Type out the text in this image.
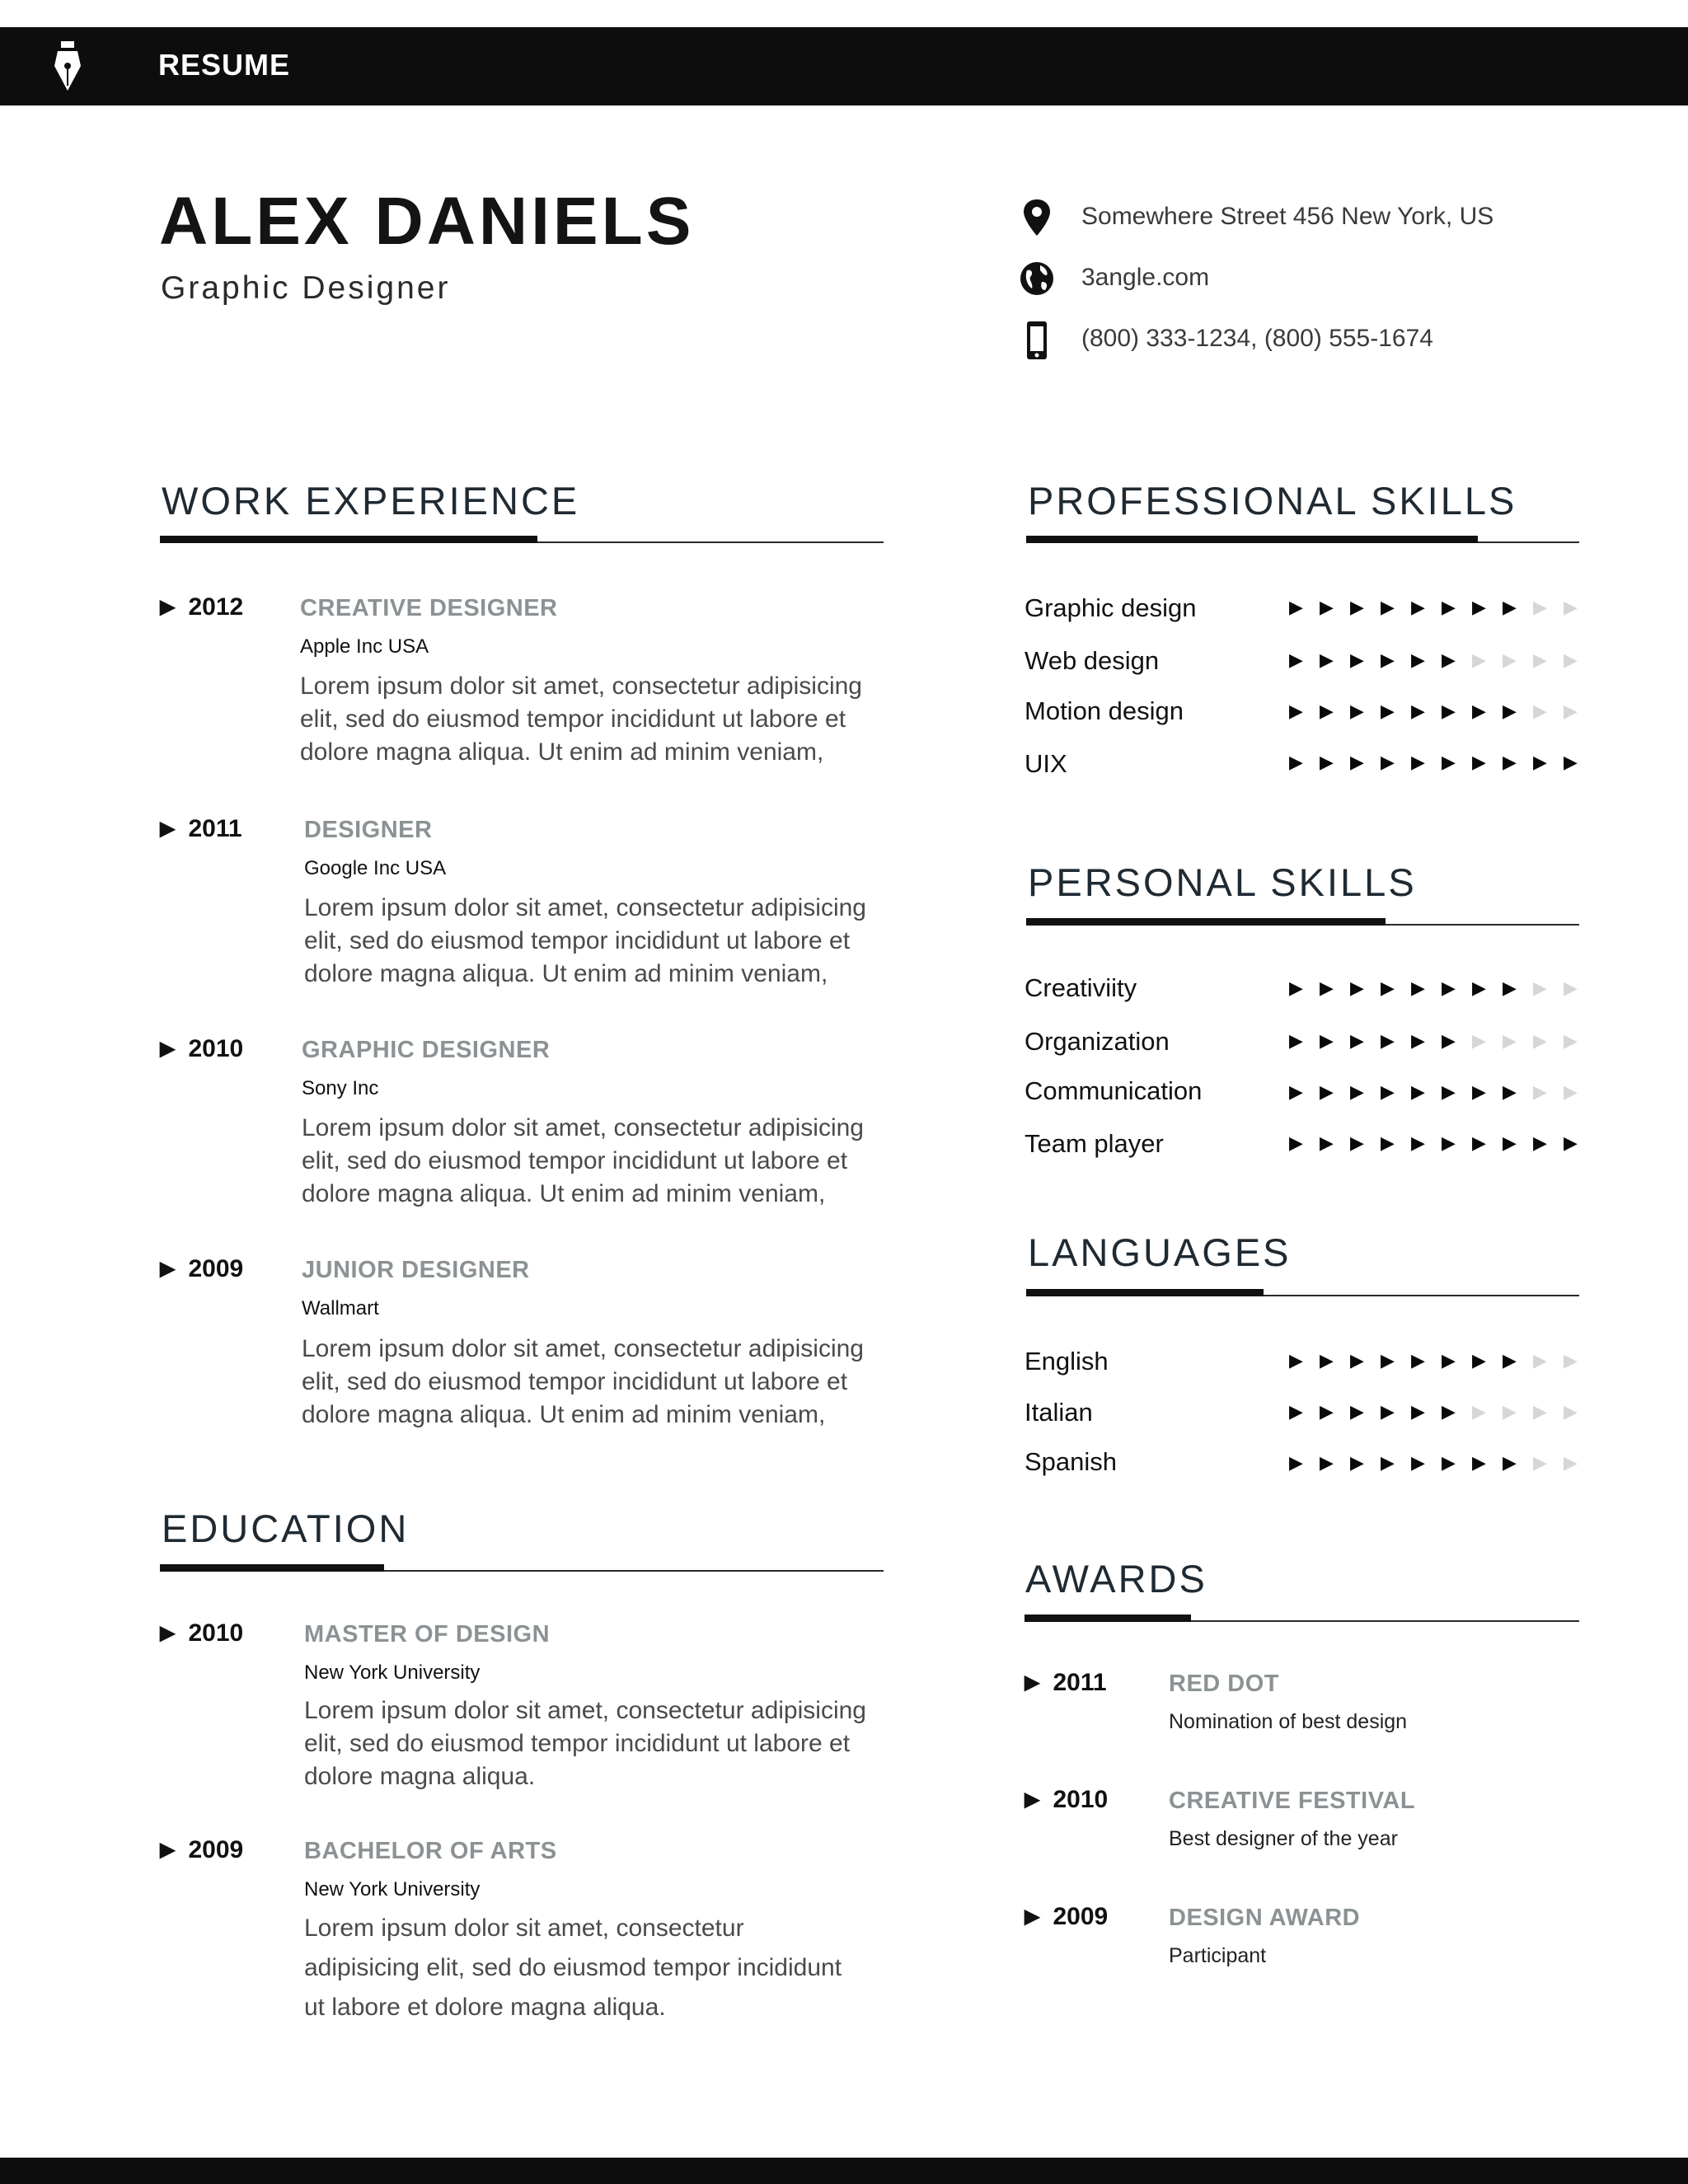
RESUME
ALEX DANIELS
Graphic Designer
Somewhere Street 456 New York, US
3angle.com
(800) 333-1234, (800) 555-1674
WORK EXPERIENCE
▶ 2012 CREATIVE DESIGNER
Apple Inc USA
Lorem ipsum dolor sit amet, consectetur adipisicing
elit, sed do eiusmod tempor incididunt ut labore et
dolore magna aliqua. Ut enim ad minim veniam,
▶ 2011	DESIGNER
Google Inc USA
Lorem ipsum dolor sit amet, consectetur adipisicing
elit, sed do eiusmod tempor incididunt ut labore et
dolore magna aliqua. Ut enim ad minim veniam,
▶ 2010 GRAPHIC DESIGNER
Sony Inc
Lorem ipsum dolor sit amet, consectetur adipisicing
elit, sed do eiusmod tempor incididunt ut labore et
dolore magna aliqua. Ut enim ad minim veniam,
▶ 2009 JUNIOR DESIGNER
Wallmart
Lorem ipsum dolor sit amet, consectetur adipisicing
elit, sed do eiusmod tempor incididunt ut labore et
dolore magna aliqua. Ut enim ad minim veniam,
EDUCATION
▶ 2010	MASTER OF DESIGN
New York University
Lorem ipsum dolor sit amet, consectetur adipisicing
elit, sed do eiusmod tempor incididunt ut labore et
dolore magna aliqua.
▶ 2009	BACHELOR OF ARTS
New York University
Lorem ipsum dolor sit amet, consectetur
adipisicing elit, sed do eiusmod tempor incididunt
ut labore et dolore magna aliqua.
PROFESSIONAL SKILLS
Graphic design	▶ ▶ ▶ ▶ ▶ ▶ ▶ ▶ ▶ ▶
Web design	▶ ▶ ▶ ▶ ▶ ▶ ▶ ▶ ▶ ▶
Motion design	▶ ▶ ▶ ▶ ▶ ▶ ▶ ▶ ▶ ▶
UIX	▶ ▶ ▶ ▶ ▶ ▶ ▶ ▶ ▶ ▶
PERSONAL SKILLS
Creativiity	▶ ▶ ▶ ▶ ▶ ▶ ▶ ▶ ▶ ▶
Organization	▶ ▶ ▶ ▶ ▶ ▶ ▶ ▶ ▶ ▶
Communication	▶ ▶ ▶ ▶ ▶ ▶ ▶ ▶ ▶ ▶
Team player	▶ ▶ ▶ ▶ ▶ ▶ ▶ ▶ ▶ ▶
LANGUAGES
English	▶ ▶ ▶ ▶ ▶ ▶ ▶ ▶ ▶ ▶
Italian	▶ ▶ ▶ ▶ ▶ ▶ ▶ ▶ ▶ ▶
Spanish	▶ ▶ ▶ ▶ ▶ ▶ ▶ ▶ ▶ ▶
AWARDS
▶ 2011	RED DOT
Nomination of best design
▶ 2010	CREATIVE FESTIVAL
Best designer of the year
▶ 2009	DESIGN AWARD
Participant
